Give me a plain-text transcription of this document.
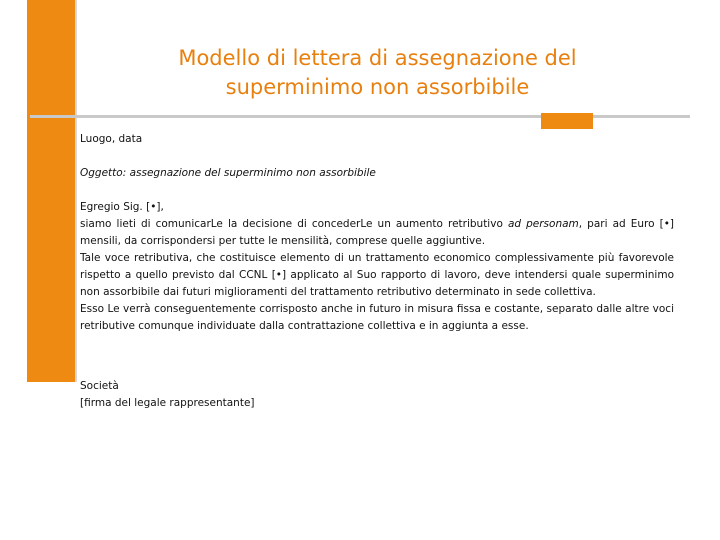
Modello di lettera di assegnazione del
superminimo non assorbibile

Luogo, data

Oggetto: assegnazione del superminimo non assorbibile

Egregio Sig. [•],

siamo lieti di comunicarLe la decisione di concederLe un aumento retributivo ad personam, pari ad Euro [•] mensili, da corrispondersi per tutte le mensilità, comprese quelle aggiuntive.

Tale voce retributiva, che costituisce elemento di un trattamento economico complessivamente più favorevole rispetto a quello previsto dal CCNL [•] applicato al Suo rapporto di lavoro, deve intendersi quale superminimo non assorbibile dai futuri miglioramenti del trattamento retributivo determinato in sede collettiva.

Esso Le verrà conseguentemente corrisposto anche in futuro in misura fissa e costante, separato dalle altre voci retributive comunque individuate dalla contrattazione collettiva e in aggiunta a esse.

Società

[firma del legale rappresentante]
